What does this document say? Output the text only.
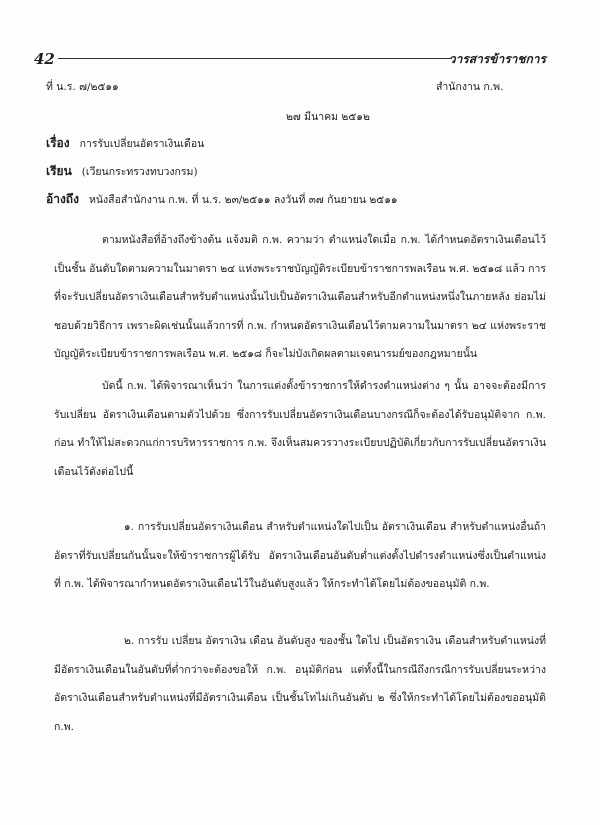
42	วารสารข้าราชการ
ที่ น.ร. ๗/๒๕๑๑	สำนักงาน ก.พ.
๒๗ มีนาคม ๒๕๑๒
เรื่อง การรับเปลี่ยนอัตราเงินเดือน
เรียน (เวียนกระทรวงทบวงกรม)
อ้างถึง หนังสือสำนักงาน ก.พ. ที่ น.ร. ๒๓/๒๕๑๑ ลงวันที่ ๓๗ กันยายน ๒๕๑๑

ตามหนังสือที่อ้างถึงข้างต้น แจ้งมติ ก.พ. ความว่า ตำแหน่งใดเมื่อ ก.พ. ได้กำหนดอัตราเงินเดือนไว้เป็นชั้น อันดับใดตามความในมาตรา ๒๔ แห่งพระราชบัญญัติระเบียบข้าราชการพลเรือน พ.ศ. ๒๕๑๘ แล้ว การที่จะรับเปลี่ยนอัตราเงินเดือนสำหรับตำแหน่งนั้นไปเป็นอัตราเงินเดือนสำหรับอีกตำแหน่งหนึ่งในภายหลัง ย่อมไม่ชอบด้วยวิธีการ เพราะผิดเช่นนั้นแล้วการที่ ก.พ. กำหนดอัตราเงินเดือนไว้ตามความในมาตรา ๒๔ แห่งพระราชบัญญัติระเบียบข้าราชการพลเรือน พ.ศ. ๒๕๑๘ ก็จะไม่บังเกิดผลตามเจตนารมย์ของกฎหมายนั้น

บัดนี้ ก.พ. ได้พิจารณาเห็นว่า ในการแต่งตั้งข้าราชการให้ดำรงตำแหน่งต่าง ๆ นั้น อาจจะต้องมีการรับเปลี่ยน อัตราเงินเดือนตามตัวไปด้วย ซึ่งการรับเปลี่ยนอัตราเงินเดือนบางกรณีก็จะต้องได้รับอนุมัติจาก ก.พ. ก่อน ทำให้ไม่สะดวกแก่การบริหารราชการ ก.พ. จึงเห็นสมควรวางระเบียบปฏิบัติเกี่ยวกับการรับเปลี่ยนอัตราเงินเดือนไว้ดังต่อไปนี้

๑. การรับเปลี่ยนอัตราเงินเดือน สำหรับตำแหน่งใดไปเป็น อัตราเงินเดือน สำหรับตำแหน่งอื่นถ้าอัตราที่รับเปลี่ยนกันนั้นจะให้ข้าราชการผู้ได้รับ อัตราเงินเดือนอันดับต่ำแต่งตั้งไปดำรงตำแหน่งซึ่งเป็นตำแหน่งที่ ก.พ. ได้พิจารณากำหนดอัตราเงินเดือนไว้ในอันดับสูงแล้ว ให้กระทำได้โดยไม่ต้องขออนุมัติ ก.พ.

๒. การรับ เปลี่ยน อัตราเงิน เดือน อันดับสูง ของชั้น ใดไป เป็นอัตราเงิน เดือนสำหรับตำแหน่งที่มีอัตราเงินเดือนในอันดับที่ต่ำกว่าจะต้องขอให้ ก.พ. อนุมัติก่อน แต่ทั้งนี้ในกรณีถึงกรณีการรับเปลี่ยนระหว่างอัตราเงินเดือนสำหรับตำแหน่งที่มีอัตราเงินเดือน เป็นชั้นโทไม่เกินอันดับ ๒ ซึ่งให้กระทำได้โดยไม่ต้องขออนุมัติ ก.พ.
